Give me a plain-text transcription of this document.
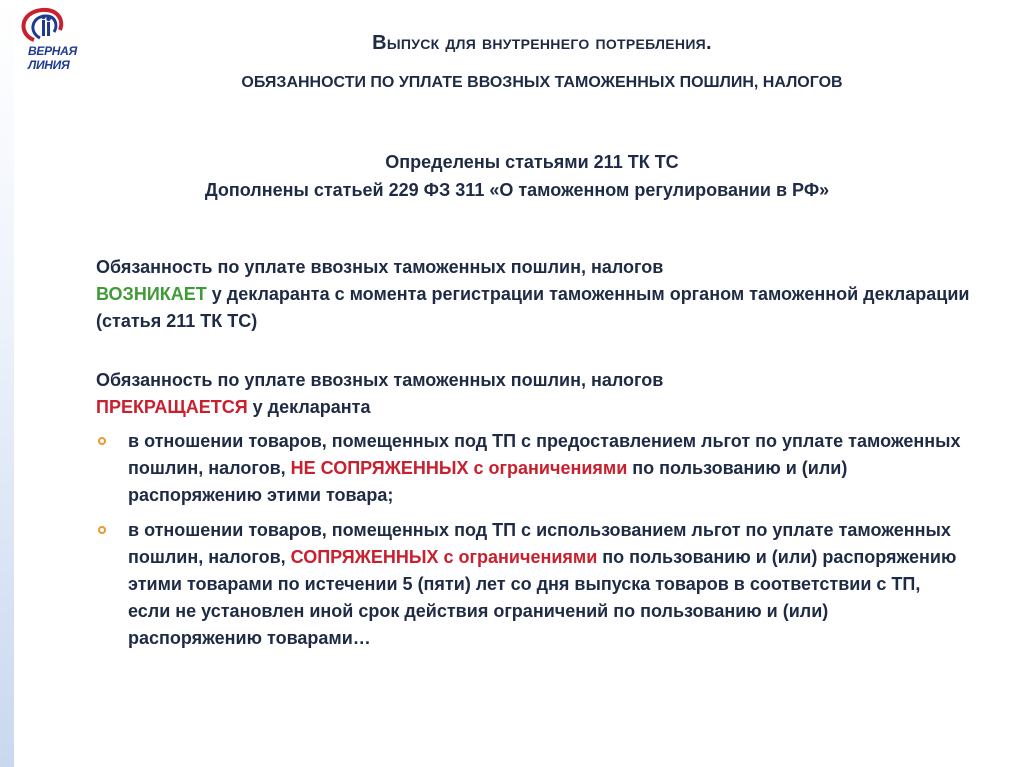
ВЕРНАЯ ЛИНИЯ
Выпуск для внутреннего потребления.
ОБЯЗАННОСТИ ПО УПЛАТЕ ВВОЗНЫХ ТАМОЖЕННЫХ ПОШЛИН, НАЛОГОВ
Определены статьями 211 ТК ТС
Дополнены статьей 229 ФЗ 311 «О таможенном регулировании в РФ»
Обязанность по уплате ввозных таможенных пошлин, налогов
ВОЗНИКАЕТ у декларанта с момента регистрации таможенным органом таможенной декларации (статья 211 ТК ТС)
Обязанность по уплате ввозных таможенных пошлин, налогов
ПРЕКРАЩАЕТСЯ у декларанта
в отношении товаров, помещенных под ТП с предоставлением льгот по уплате таможенных пошлин, налогов, НЕ СОПРЯЖЕННЫХ с ограничениями по пользованию и (или) распоряжению этими товара;
в отношении товаров, помещенных под ТП с использованием льгот по уплате таможенных пошлин, налогов, СОПРЯЖЕННЫХ с ограничениями по пользованию и (или) распоряжению этими товарами по истечении 5 (пяти) лет со дня выпуска товаров в соответствии с ТП, если не установлен иной срок действия ограничений по пользованию и (или) распоряжению товарами…
